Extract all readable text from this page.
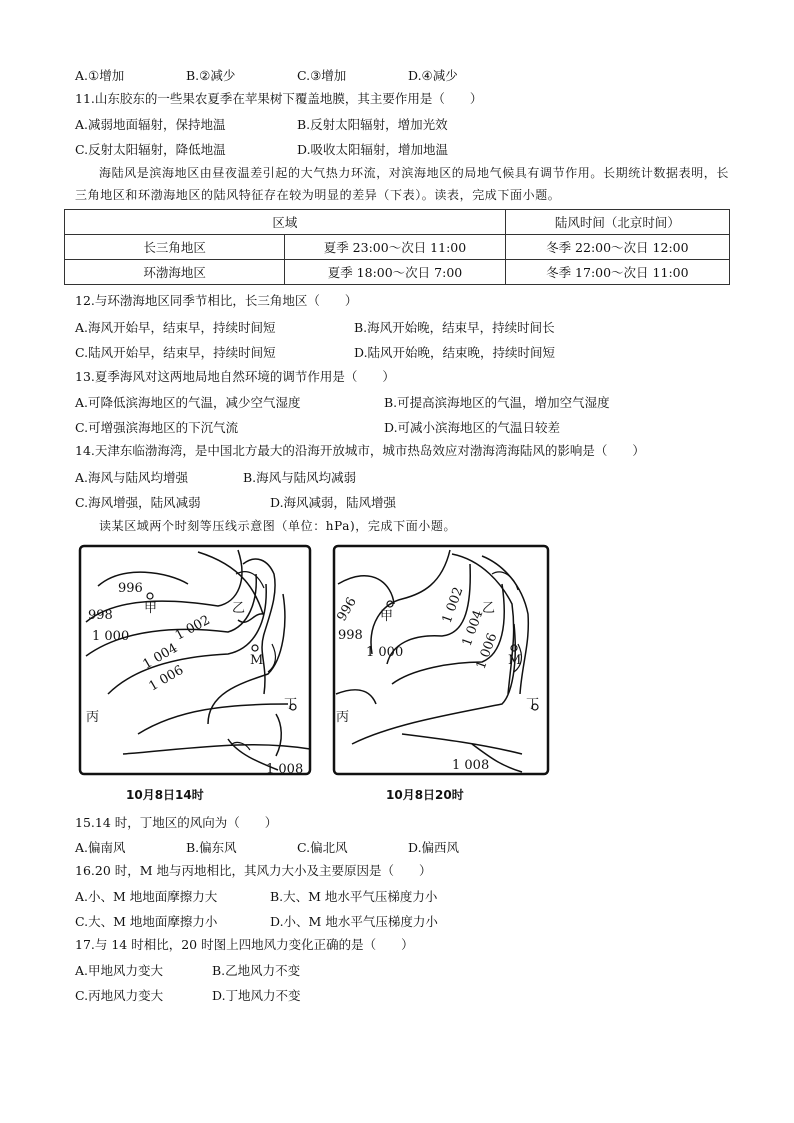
A.①增加	B.②减少	C.③增加	D.④减少
11.山东胶东的一些果农夏季在苹果树下覆盖地膜，其主要作用是（　　）
A.减弱地面辐射，保持地温	B.反射太阳辐射，增加光效
C.反射太阳辐射，降低地温	D.吸收太阳辐射，增加地温
海陆风是滨海地区由昼夜温差引起的大气热力环流，对滨海地区的局地气候具有调节作用。长期统计数据表明，长三角地区和环渤海地区的陆风特征存在较为明显的差异（下表）。读表，完成下面小题。
区域		陆风时间（北京时间）
长三角地区	夏季 23:00～次日 11:00	冬季 22:00～次日 12:00
环渤海地区	夏季 18:00～次日 7:00	冬季 17:00～次日 11:00
12.与环渤海地区同季节相比，长三角地区（　　）
A.海风开始早，结束早，持续时间短	B.海风开始晚，结束早，持续时间长
C.陆风开始早，结束早，持续时间短	D.陆风开始晚，结束晚，持续时间短
13.夏季海风对这两地局地自然环境的调节作用是（　　）
A.可降低滨海地区的气温，减少空气湿度	B.可提高滨海地区的气温，增加空气湿度
C.可增强滨海地区的下沉气流	D.可减小滨海地区的气温日较差
14.天津东临渤海湾，是中国北方最大的沿海开放城市，城市热岛效应对渤海湾海陆风的影响是（　　）
A.海风与陆风均增强	B.海风与陆风均减弱
C.海风增强，陆风减弱	D.海风减弱，陆风增强
读某区域两个时刻等压线示意图（单位：hPa)，完成下面小题。
996
998
1 000	1 002
1 004
1 006
1 008
甲	乙
M
丙
丁
10月8日14时
996
998
1 000
1 002
1 004
1 006
1 008
甲
乙
M
丙
丁
10月8日20时
15.14 时，丁地区的风向为（　　）
A.偏南风	B.偏东风	C.偏北风	D.偏西风
16.20 时，M 地与丙地相比，其风力大小及主要原因是（　　）
A.小、M 地地面摩擦力大	B.大、M 地水平气压梯度力小
C.大、M 地地面摩擦力小	D.小、M 地水平气压梯度力小
17.与 14 时相比，20 时图上四地风力变化正确的是（　　）
A.甲地风力变大	B.乙地风力不变
C.丙地风力变大	D.丁地风力不变
